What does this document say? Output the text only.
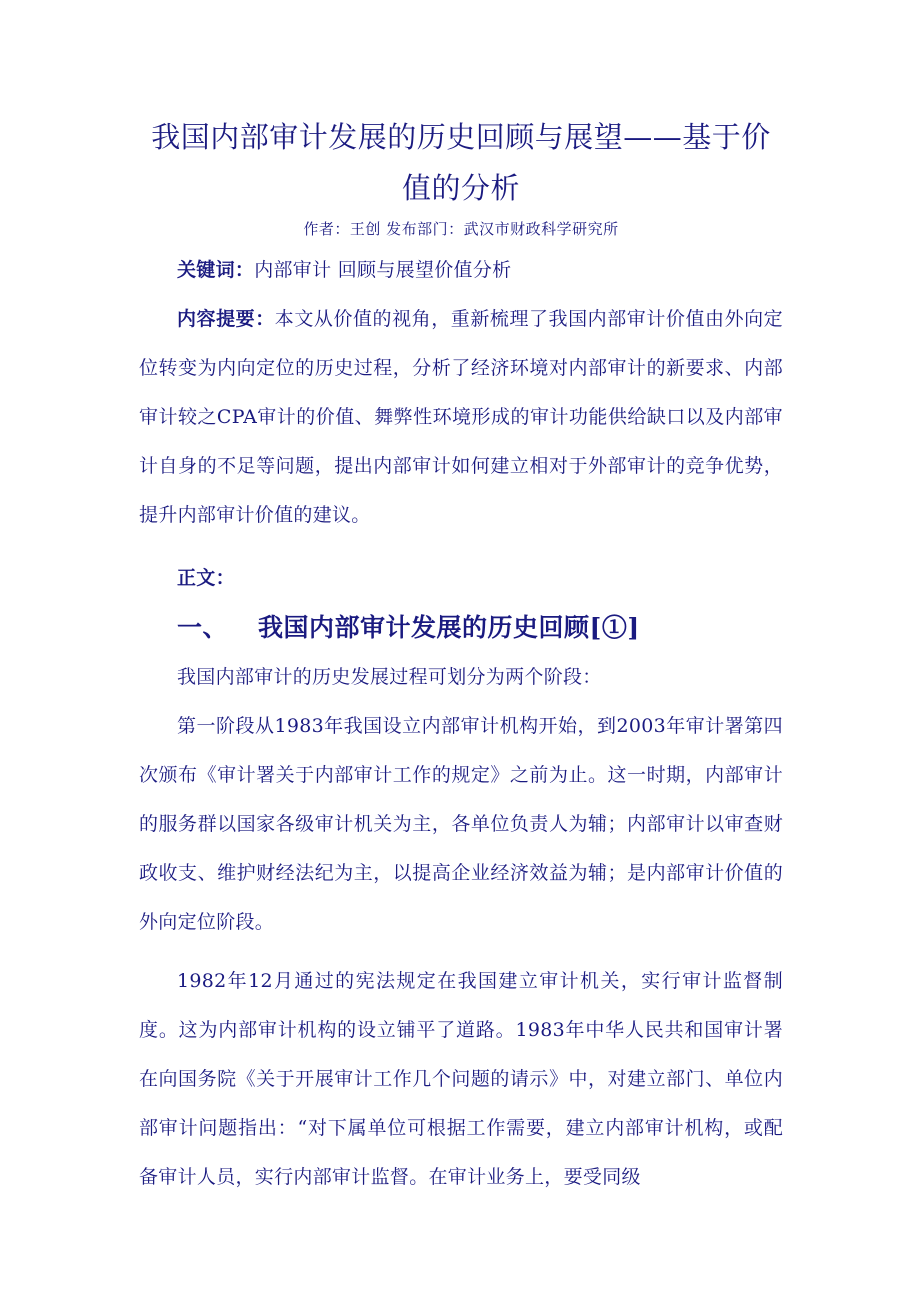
我国内部审计发展的历史回顾与展望——基于价值的分析

作者：王创 发布部门：武汉市财政科学研究所

关键词：内部审计 回顾与展望价值分析

内容提要：本文从价值的视角，重新梳理了我国内部审计价值由外向定位转变为内向定位的历史过程，分析了经济环境对内部审计的新要求、内部审计较之CPA审计的价值、舞弊性环境形成的审计功能供给缺口以及内部审计自身的不足等问题，提出内部审计如何建立相对于外部审计的竞争优势，提升内部审计价值的建议。

正文：

一、 我国内部审计发展的历史回顾[①]

我国内部审计的历史发展过程可划分为两个阶段：

第一阶段从1983年我国设立内部审计机构开始，到2003年审计署第四次颁布《审计署关于内部审计工作的规定》之前为止。这一时期，内部审计的服务群以国家各级审计机关为主，各单位负责人为辅；内部审计以审查财政收支、维护财经法纪为主，以提高企业经济效益为辅；是内部审计价值的外向定位阶段。

1982年12月通过的宪法规定在我国建立审计机关，实行审计监督制度。这为内部审计机构的设立铺平了道路。1983年中华人民共和国审计署在向国务院《关于开展审计工作几个问题的请示》中，对建立部门、单位内部审计问题指出：“对下属单位可根据工作需要，建立内部审计机构，或配备审计人员，实行内部审计监督。在审计业务上，要受同级
